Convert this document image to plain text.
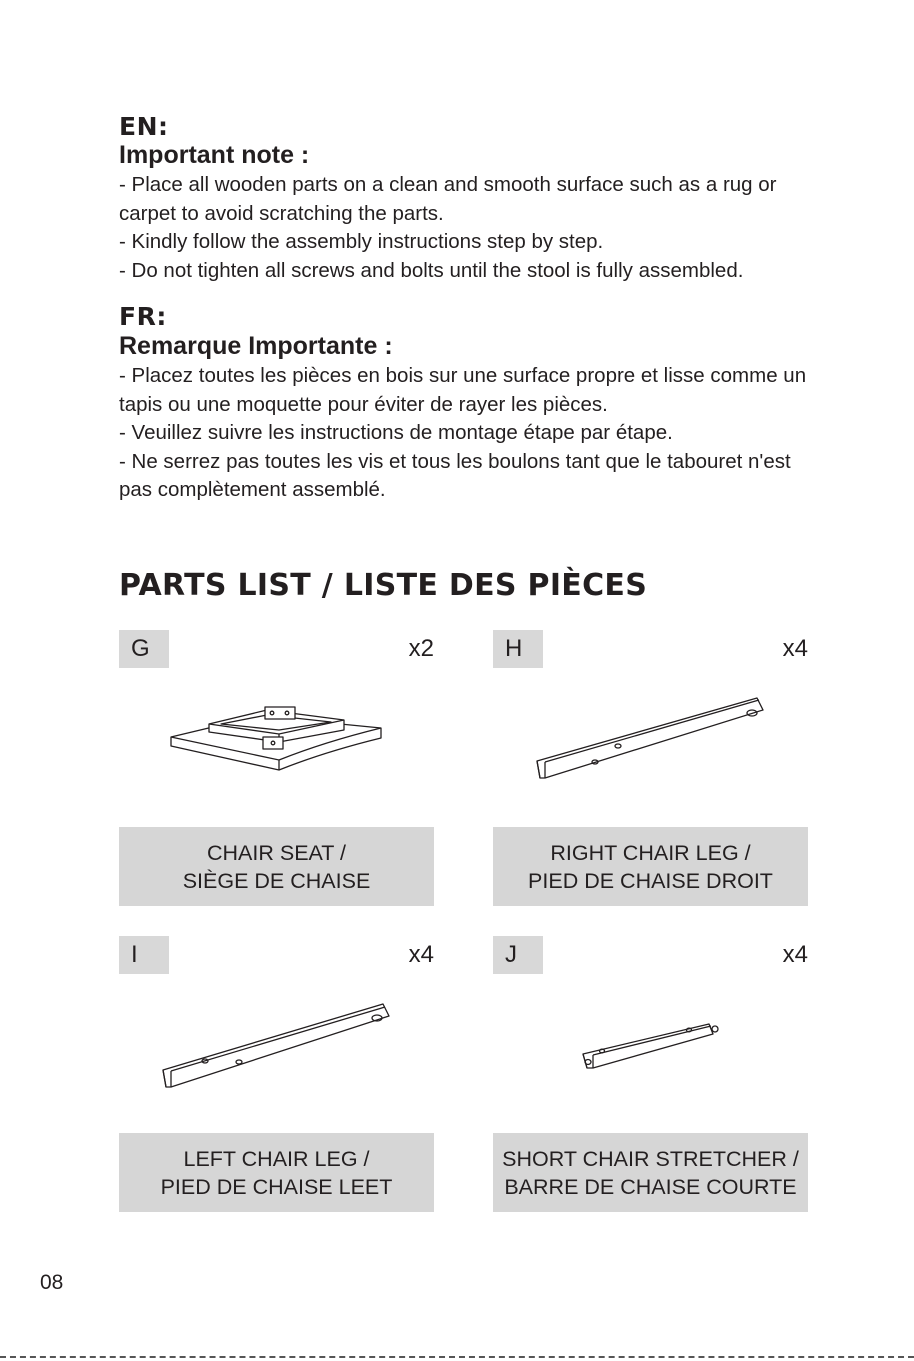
EN:
Important note :

- Place all wooden parts on a clean and smooth surface such as a rug or carpet to avoid scratching the parts.

- Kindly follow the assembly instructions step by step.

- Do not tighten all screws and bolts until the stool is fully assembled.

FR:
Remarque Importante :

- Placez toutes les pièces en bois sur une surface propre et lisse comme un tapis ou une moquette pour éviter de rayer les pièces.

- Veuillez suivre les instructions de montage étape par étape.

- Ne serrez pas toutes les vis et tous les boulons tant que le tabouret n'est pas complètement assemblé.

PARTS LIST / LISTE DES PIÈCES
G	x2
CHAIR SEAT /
SIÈGE DE CHAISE
H	x4
RIGHT CHAIR LEG /
PIED DE CHAISE DROIT
I	x4
LEFT CHAIR LEG /
PIED DE CHAISE LEET
J	x4
SHORT CHAIR STRETCHER /
BARRE DE CHAISE COURTE
08
